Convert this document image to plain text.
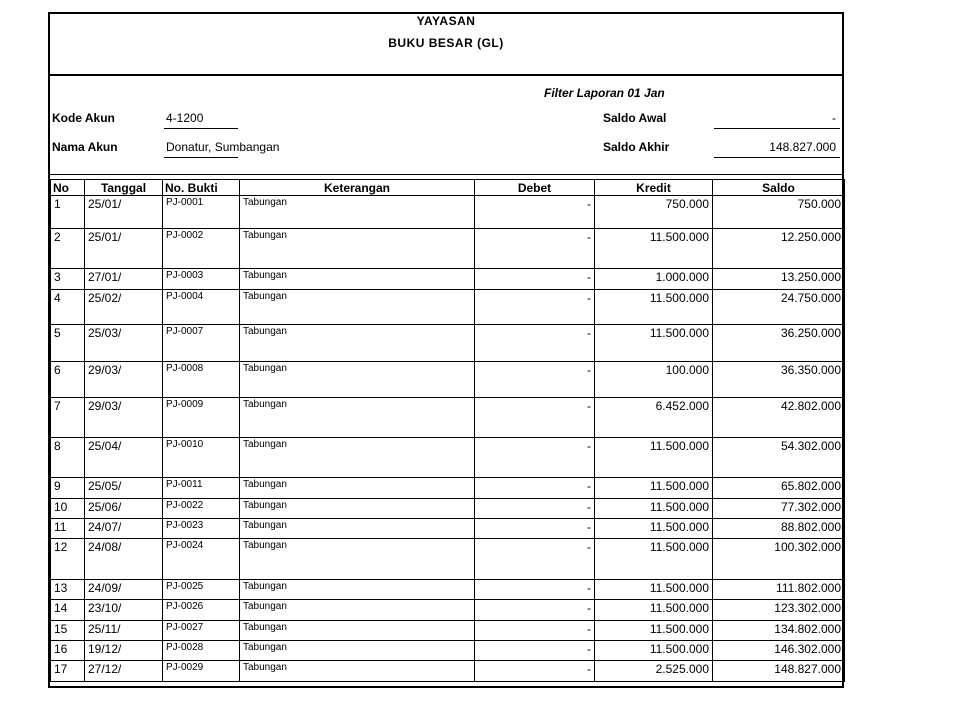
YAYASAN
BUKU BESAR (GL)
Filter Laporan 01 Jan
Kode Akun	4-1200	Saldo Awal	-
Nama Akun	Donatur, Sumbangan	Saldo Akhir	148.827.000
No	Tanggal	No. Bukti	Keterangan	Debet	Kredit	Saldo
1	25/01/	PJ-0001	Tabungan	-	750.000	750.000
2	25/01/	PJ-0002	Tabungan	-	11.500.000	12.250.000
3	27/01/	PJ-0003	Tabungan	-	1.000.000	13.250.000
4	25/02/	PJ-0004	Tabungan	-	11.500.000	24.750.000
5	25/03/	PJ-0007	Tabungan	-	11.500.000	36.250.000
6	29/03/	PJ-0008	Tabungan	-	100.000	36.350.000
7	29/03/	PJ-0009	Tabungan	-	6.452.000	42.802.000
8	25/04/	PJ-0010	Tabungan	-	11.500.000	54.302.000
9	25/05/	PJ-0011	Tabungan	-	11.500.000	65.802.000
10	25/06/	PJ-0022	Tabungan	-	11.500.000	77.302.000
11	24/07/	PJ-0023	Tabungan	-	11.500.000	88.802.000
12	24/08/	PJ-0024	Tabungan	-	11.500.000	100.302.000
13	24/09/	PJ-0025	Tabungan	-	11.500.000	111.802.000
14	23/10/	PJ-0026	Tabungan	-	11.500.000	123.302.000
15	25/11/	PJ-0027	Tabungan	-	11.500.000	134.802.000
16	19/12/	PJ-0028	Tabungan	-	11.500.000	146.302.000
17	27/12/	PJ-0029	Tabungan	-	2.525.000	148.827.000
